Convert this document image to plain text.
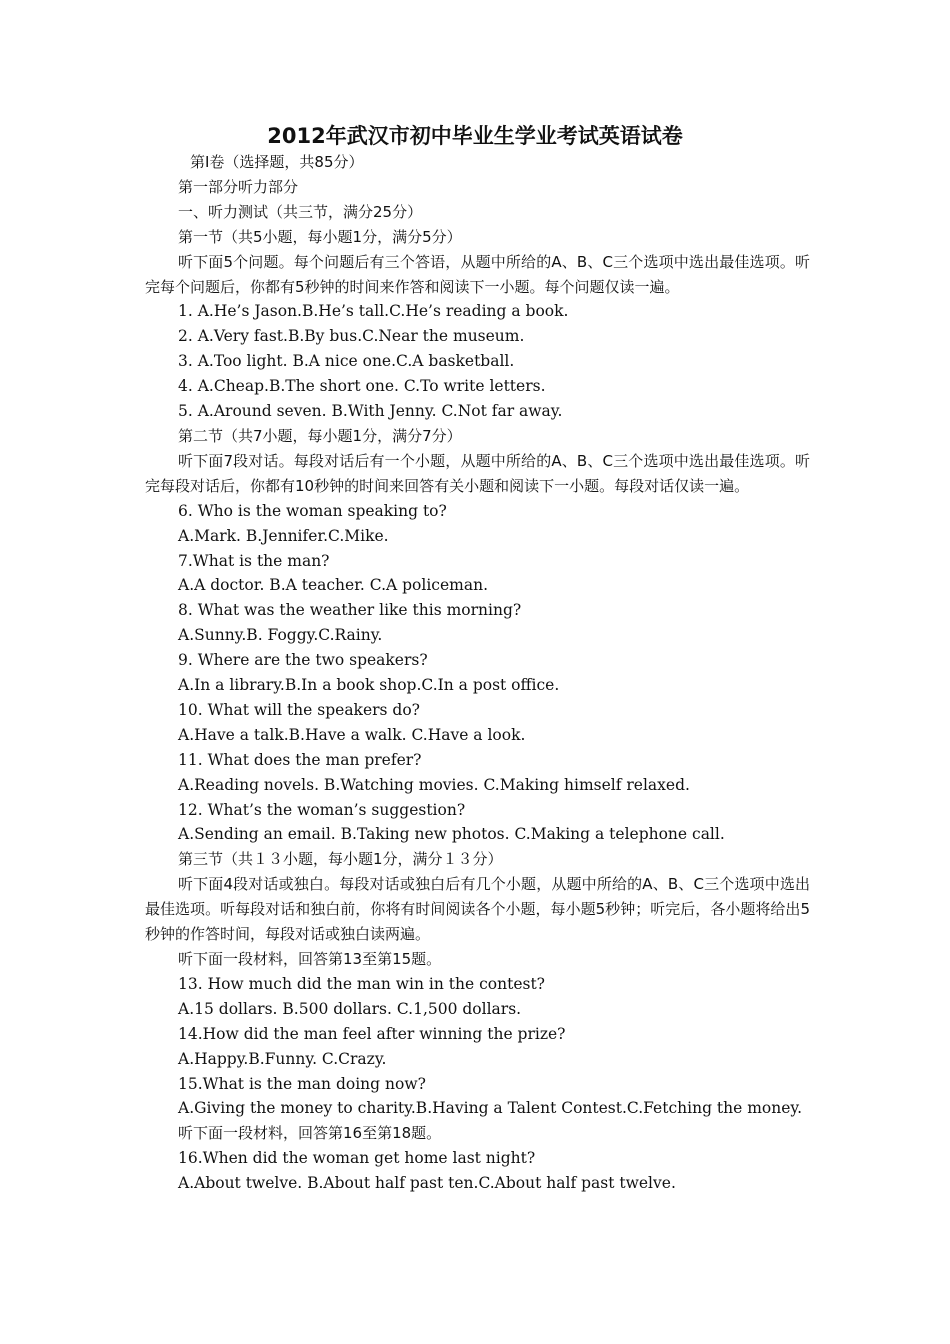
2012年武汉市初中毕业生学业考试英语试卷

第Ⅰ卷（选择题，共85分）

第一部分听力部分

一、听力测试（共三节，满分25分）

第一节（共5小题，每小题1分，满分5分）

听下面5个问题。每个问题后有三个答语，从题中所给的A、B、C三个选项中选出最佳选项。听完每个问题后，你都有5秒钟的时间来作答和阅读下一小题。每个问题仅读一遍。

1. A.He’s Jason.B.He’s tall.C.He’s reading a book.

2. A.Very fast.B.By bus.C.Near the museum.

3. A.Too light. B.A nice one.C.A basketball.

4. A.Cheap.B.The short one. C.To write letters.

5. A.Around seven. B.With Jenny. C.Not far away.

第二节（共7小题，每小题1分，满分7分）

听下面7段对话。每段对话后有一个小题，从题中所给的A、B、C三个选项中选出最佳选项。听完每段对话后，你都有10秒钟的时间来回答有关小题和阅读下一小题。每段对话仅读一遍。

6. Who is the woman speaking to?

A.Mark. B.Jennifer.C.Mike.

7.What is the man?

A.A doctor. B.A teacher. C.A policeman.

8. What was the weather like this morning?

A.Sunny.B. Foggy.C.Rainy.

9. Where are the two speakers?

A.In a library.B.In a book shop.C.In a post office.

10. What will the speakers do?

A.Have a talk.B.Have a walk. C.Have a look.

11. What does the man prefer?

A.Reading novels. B.Watching movies. C.Making himself relaxed.

12. What’s the woman’s suggestion?

A.Sending an email. B.Taking new photos. C.Making a telephone call.

第三节（共１３小题，每小题1分，满分１３分）

听下面4段对话或独白。每段对话或独白后有几个小题，从题中所给的A、B、C三个选项中选出最佳选项。听每段对话和独白前，你将有时间阅读各个小题，每小题5秒钟；听完后，各小题将给出5秒钟的作答时间，每段对话或独白读两遍。

听下面一段材料，回答第13至第15题。

13. How much did the man win in the contest?

A.15 dollars. B.500 dollars. C.1,500 dollars.

14.How did the man feel after winning the prize?

A.Happy.B.Funny. C.Crazy.

15.What is the man doing now?

A.Giving the money to charity.B.Having a Talent Contest.C.Fetching the money.

听下面一段材料，回答第16至第18题。

16.When did the woman get home last night?

A.About twelve. B.About half past ten.C.About half past twelve.
